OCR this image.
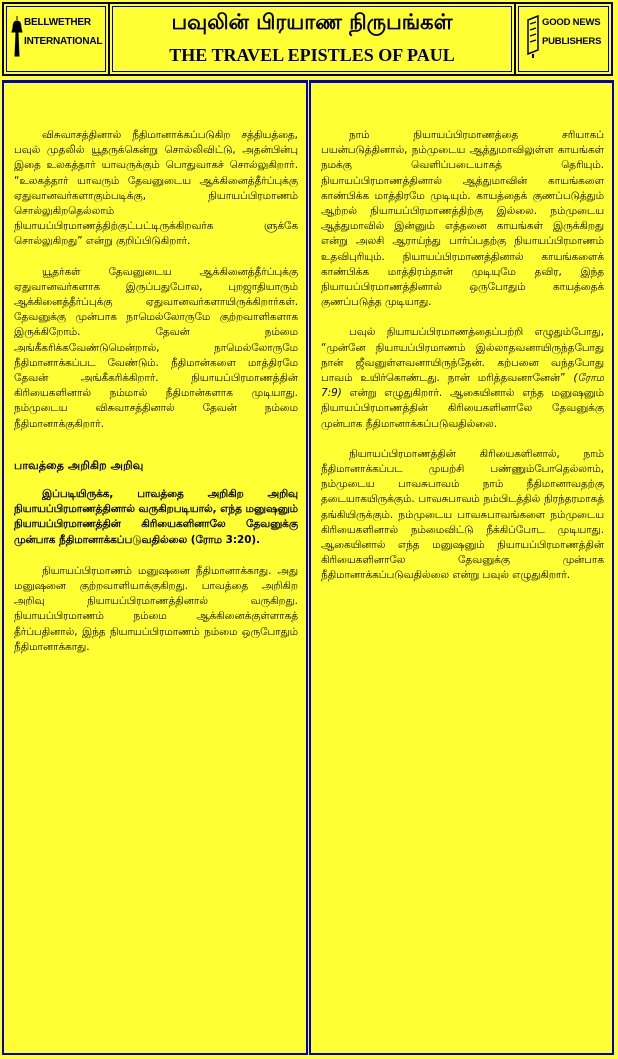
BELLWETHER
INTERNATIONAL
பவுலின் பிரயாண நிருபங்கள்
THE TRAVEL EPISTLES OF PAUL
GOOD NEWS
PUBLISHERS

விசுவாசத்தினால் நீதிமானாக்கப்படுகிற சத்தியத்தை, பவுல் முதலில் யூதருக்கென்று சொல்லிவிட்டு, அதன்பின்பு இதை உலகத்தார் யாவருக்கும் பொதுவாகச் சொல்லுகிறார். “உலகத்தார் யாவரும் தேவனுடைய ஆக்கினைத்தீர்ப்புக்கு ஏதுவானவர்களாகும்படிக்கு, நியாயப்பிரமாணம் சொல்லுகிறதெல்லாம் நியாயப்பிரமாணத்திற்குட்பட்டிருக்கிறவர்க ளுக்கே சொல்லுகிறது” என்று குறிப்பிடுகிறார்.

யூதர்கள் தேவனுடைய ஆக்கினைத்தீர்ப்புக்கு ஏதுவானவர்களாக இருப்பதுபோல, புறஜாதியாரும் ஆக்கினைத்தீர்ப்புக்கு ஏதுவானவர்களாயிருக்கிறார்கள். தேவனுக்கு முன்பாக நாமெல்லோருமே குற்றவாளிகளாக இருக்கிறோம். தேவன் நம்மை அங்கீகரிக்கவேண்டுமென்றால், நாமெல்லோருமே நீதிமானாக்கப்பட வேண்டும். நீதிமான்களை மாத்திரமே தேவன் அங்கீகரிக்கிறார். நியாயப்பிரமாணத்தின் கிரியைகளினால் நம்மால் நீதிமான்களாக முடியாது. நம்முடைய விசுவாசத்தினால் தேவன் நம்மை நீதிமானாக்குகிறார்.

பாவத்தை அறிகிற அறிவு

இப்படியிருக்க, பாவத்தை அறிகிற அறிவு நியாயப்பிரமாணத்தினால் வருகிறபடியால், எந்த மனுஷனும் நியாயப்பிரமாணத்தின் கிரியைகளினாலே தேவனுக்கு முன்பாக நீதிமானாக்கப்படுவதில்லை (ரோம 3:20).

நியாயப்பிரமாணம் மனுஷனை நீதிமானாக்காது. அது மனுஷனை குற்றவாளியாக்குகிறது. பாவத்தை அறிகிற அறிவு நியாயப்பிரமாணத்தினால் வருகிறது. நியாயப்பிரமாணம் நம்மை ஆக்கினைக்குள்ளாகத் தீர்ப்பதினால், இந்த நியாயப்பிரமாணம் நம்மை ஒருபோதும் நீதிமானாக்காது.

நாம் நியாயப்பிரமாணத்தை சரியாகப் பயன்படுத்தினால், நம்முடைய ஆத்துமாவிலுள்ள காயங்கள் நமக்கு வெளிப்படையாகத் தெரியும். நியாயப்பிரமாணத்தினால் ஆத்துமாவின் காயங்களை காண்பிக்க மாத்திரமே முடியும். காயத்தைக் குணப்படுத்தும் ஆற்றல் நியாயப்பிரமாணத்திற்கு இல்லை. நம்முடைய ஆத்துமாவில் இன்னும் எத்தனை காயங்கள் இருக்கிறது என்று அலசி ஆராய்ந்து பார்ப்பதற்கு நியாயப்பிரமாணம் உதவிபுரியும். நியாயப்பிரமாணத்தினால் காயங்களைக் காண்பிக்க மாத்திரம்தான் முடியுமே தவிர, இந்த நியாயப்பிரமாணத்தினால் ஒருபோதும் காயத்தைக் குணப்படுத்த முடியாது.

பவுல் நியாயப்பிரமாணத்தைப்பற்றி எழுதும்போது, “முன்னே நியாயப்பிரமாணம் இல்லாதவனாயிருந்தபோது நான் ஜீவனுள்ளவனாயிருந்தேன். கற்பனை வந்தபோது பாவம் உயிர்கொண்டது. நான் மரித்தவனானேன்” (ரோம 7:9) என்று எழுதுகிறார். ஆகையினால் எந்த மனுஷனும் நியாயப்பிரமாணத்தின் கிரியைகளினாலே தேவனுக்கு முன்பாக நீதிமானாக்கப்படுவதில்லை.

நியாயப்பிரமாணத்தின் கிரியைகளினால், நாம் நீதிமானாக்கப்பட முயற்சி பண்ணும்போதெல்லாம், நம்முடைய பாவசுபாவம் நாம் நீதிமானாவதற்கு தடையாகயிருக்கும். பாவசுபாவம் நம்பிடத்தில் நிரந்தரமாகத் தங்கியிருக்கும். நம்முடைய பாவசுபாவங்களை நம்முடைய கிரியைகளினால் நம்மைவிட்டு நீக்கிப்போட முடியாது. ஆகையினால் எந்த மனுஷனும் நியாயப்பிரமாணத்தின் கிரியைகளினாலே தேவனுக்கு முன்பாக நீதிமானாக்கப்படுவதில்லை என்று பவுல் எழுதுகிறார்.
